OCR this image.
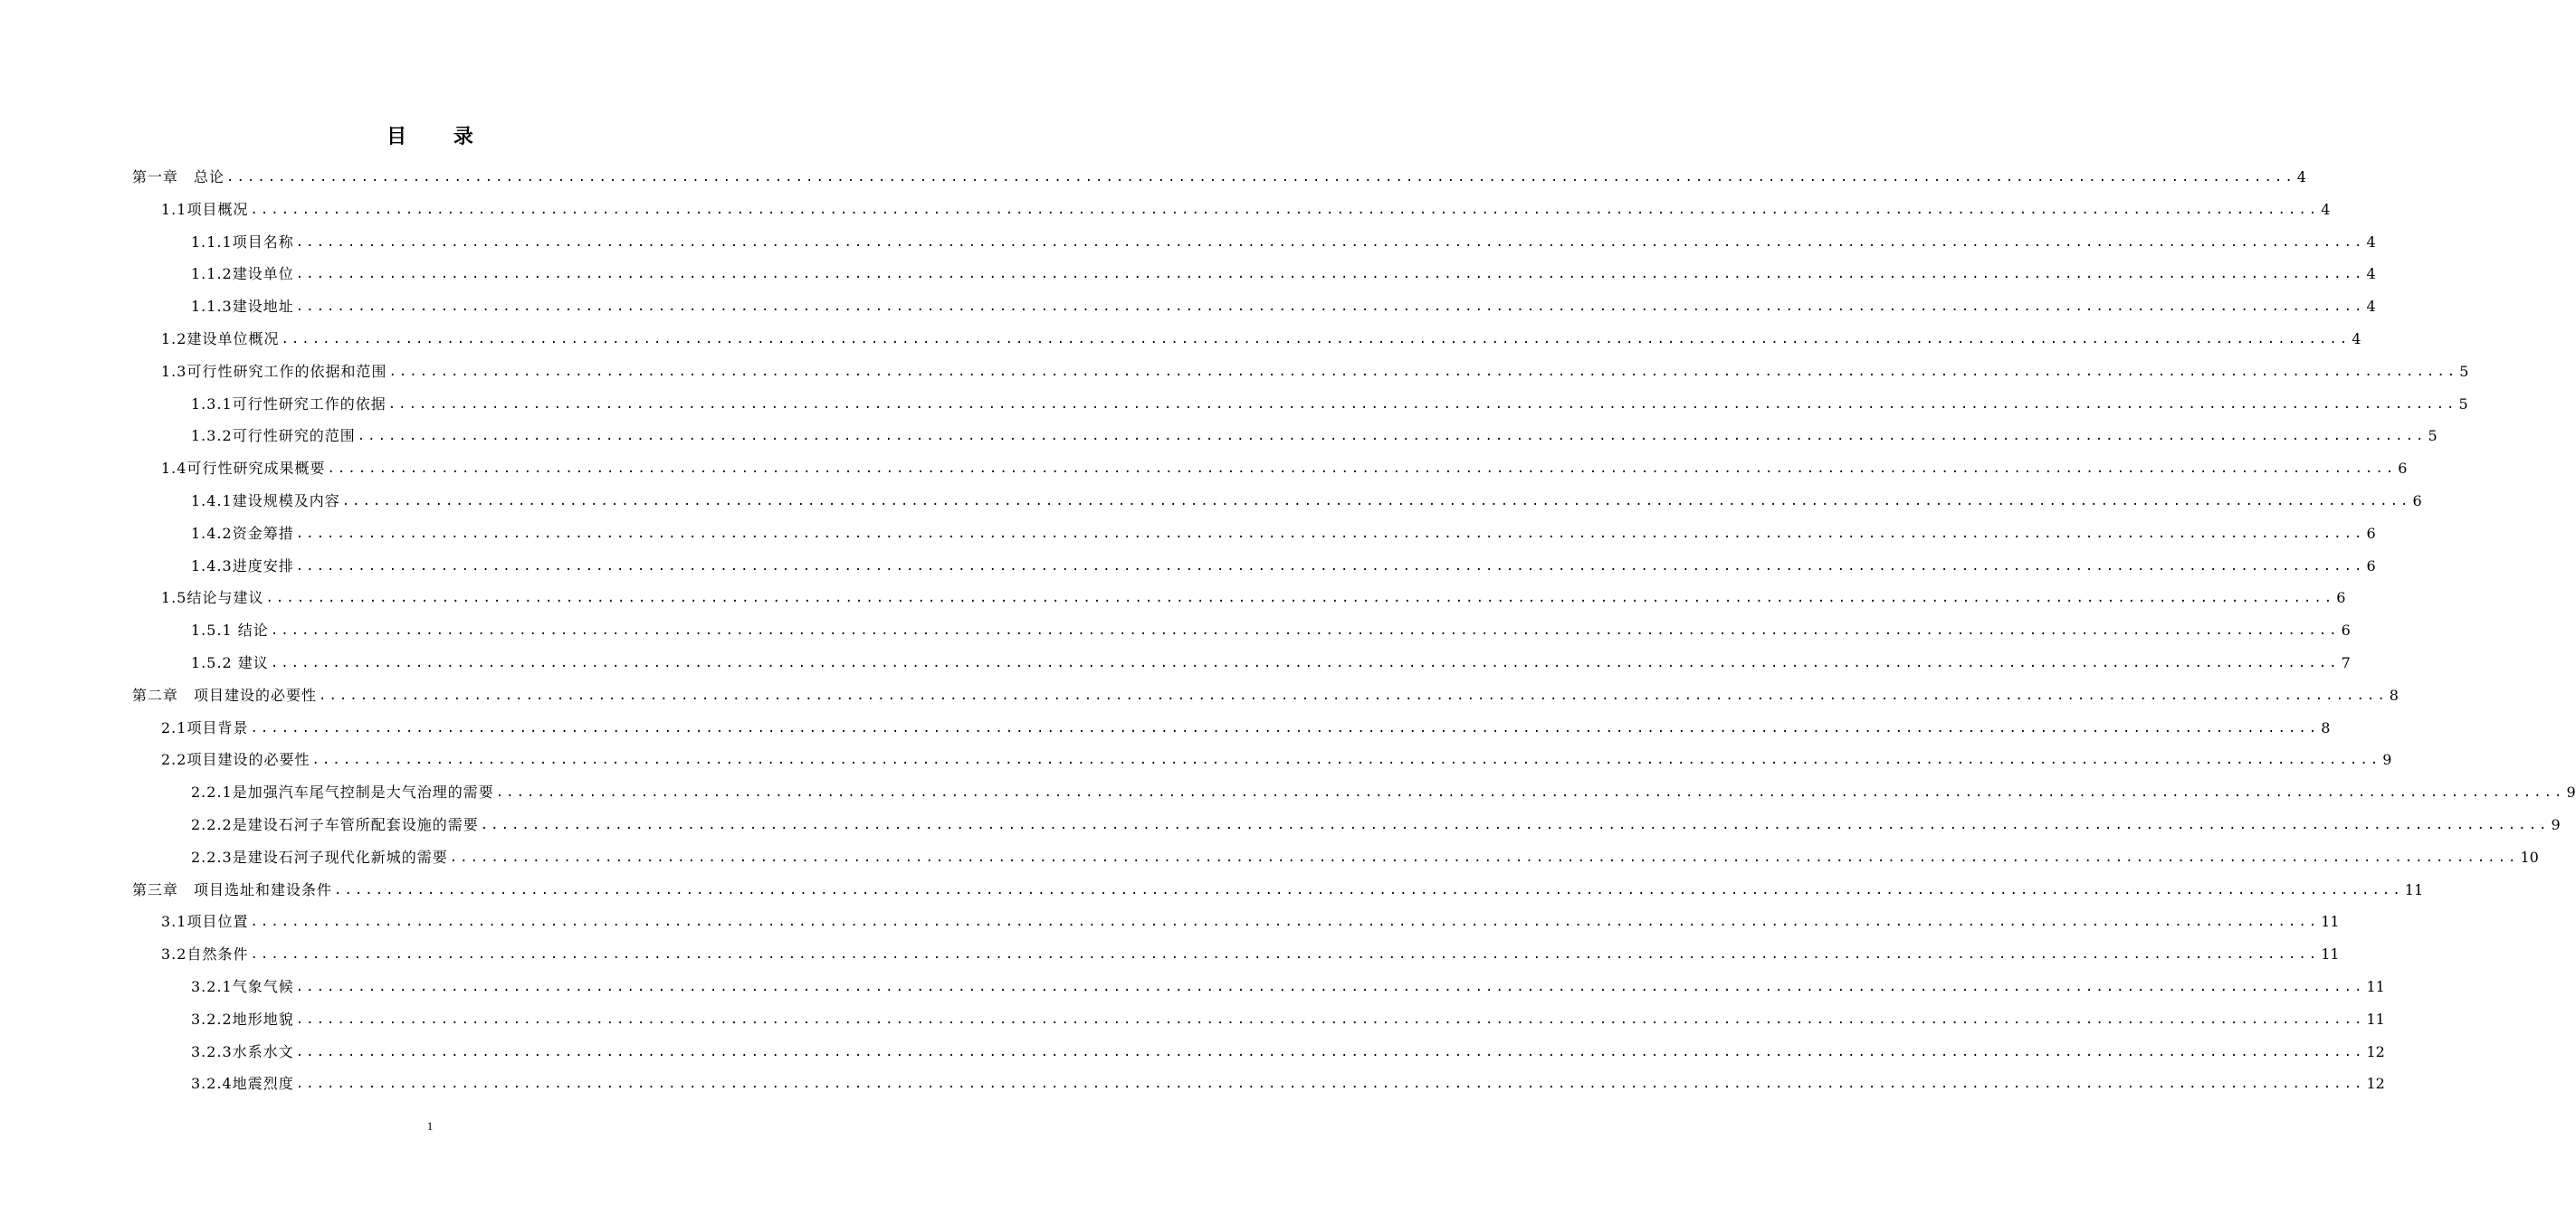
目 录
第一章　总论 ........................................................................................................................................................................................................ 4
1.1项目概况 ........................................................................................................................................................................................................ 4
1.1.1项目名称 ........................................................................................................................................................................................................ 4
1.1.2建设单位 ........................................................................................................................................................................................................ 4
1.1.3建设地址 ........................................................................................................................................................................................................ 4
1.2建设单位概况 ........................................................................................................................................................................................................ 4
1.3可行性研究工作的依据和范围 ........................................................................................................................................................................................................ 5
1.3.1可行性研究工作的依据 ........................................................................................................................................................................................................ 5
1.3.2可行性研究的范围 ........................................................................................................................................................................................................ 5
1.4可行性研究成果概要 ........................................................................................................................................................................................................ 6
1.4.1建设规模及内容 ........................................................................................................................................................................................................ 6
1.4.2资金筹措 ........................................................................................................................................................................................................ 6
1.4.3进度安排 ........................................................................................................................................................................................................ 6
1.5结论与建议 ........................................................................................................................................................................................................ 6
1.5.1 结论 ........................................................................................................................................................................................................ 6
1.5.2 建议 ........................................................................................................................................................................................................ 7
第二章　项目建设的必要性 ........................................................................................................................................................................................................ 8
2.1项目背景 ........................................................................................................................................................................................................ 8
2.2项目建设的必要性 ........................................................................................................................................................................................................ 9
2.2.1是加强汽车尾气控制是大气治理的需要 ........................................................................................................................................................................................................ 9
2.2.2是建设石河子车管所配套设施的需要 ........................................................................................................................................................................................................ 9
2.2.3是建设石河子现代化新城的需要 ........................................................................................................................................................................................................ 10
第三章　项目选址和建设条件 ........................................................................................................................................................................................................ 11
3.1项目位置 ........................................................................................................................................................................................................ 11
3.2自然条件 ........................................................................................................................................................................................................ 11
3.2.1气象气候 ........................................................................................................................................................................................................ 11
3.2.2地形地貌 ........................................................................................................................................................................................................ 11
3.2.3水系水文 ........................................................................................................................................................................................................ 12
3.2.4地震烈度 ........................................................................................................................................................................................................ 12
1
